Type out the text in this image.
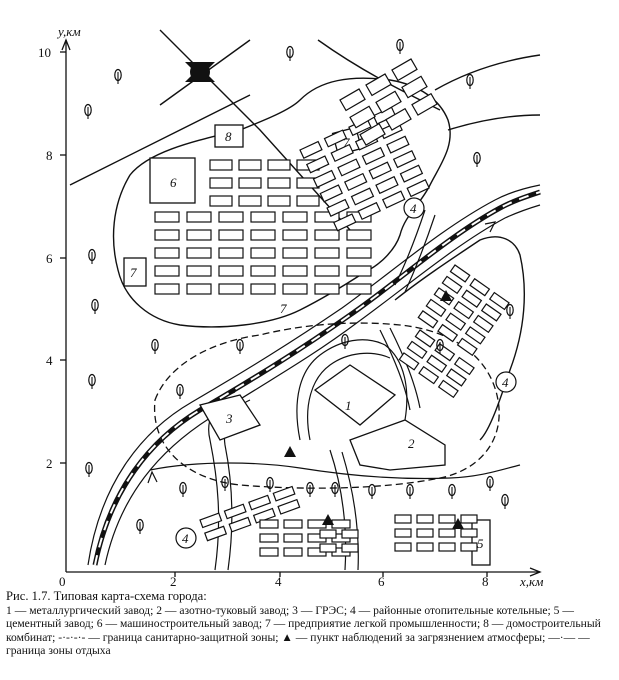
y,км
10
8
6
4
2
0	2	4	6	8 x,км
8
6
7
7
4
4
4
1
2
3
5
7
Рис. 1.7. Типовая карта-схема города:
1 — металлургический завод; 2 — азотно-туковый завод; 3 — ГРЭС; 4 — районные отопительные котельные; 5 — цементный завод; 6 — машиностроительный завод; 7 — предприятие легкой промышленности; 8 — домостроительный комбинат; -·-·-·- — граница санитарно-защитной зоны; ▲ — пункт наблюдений за загрязнением атмосферы; —·— — граница зоны отдыха
